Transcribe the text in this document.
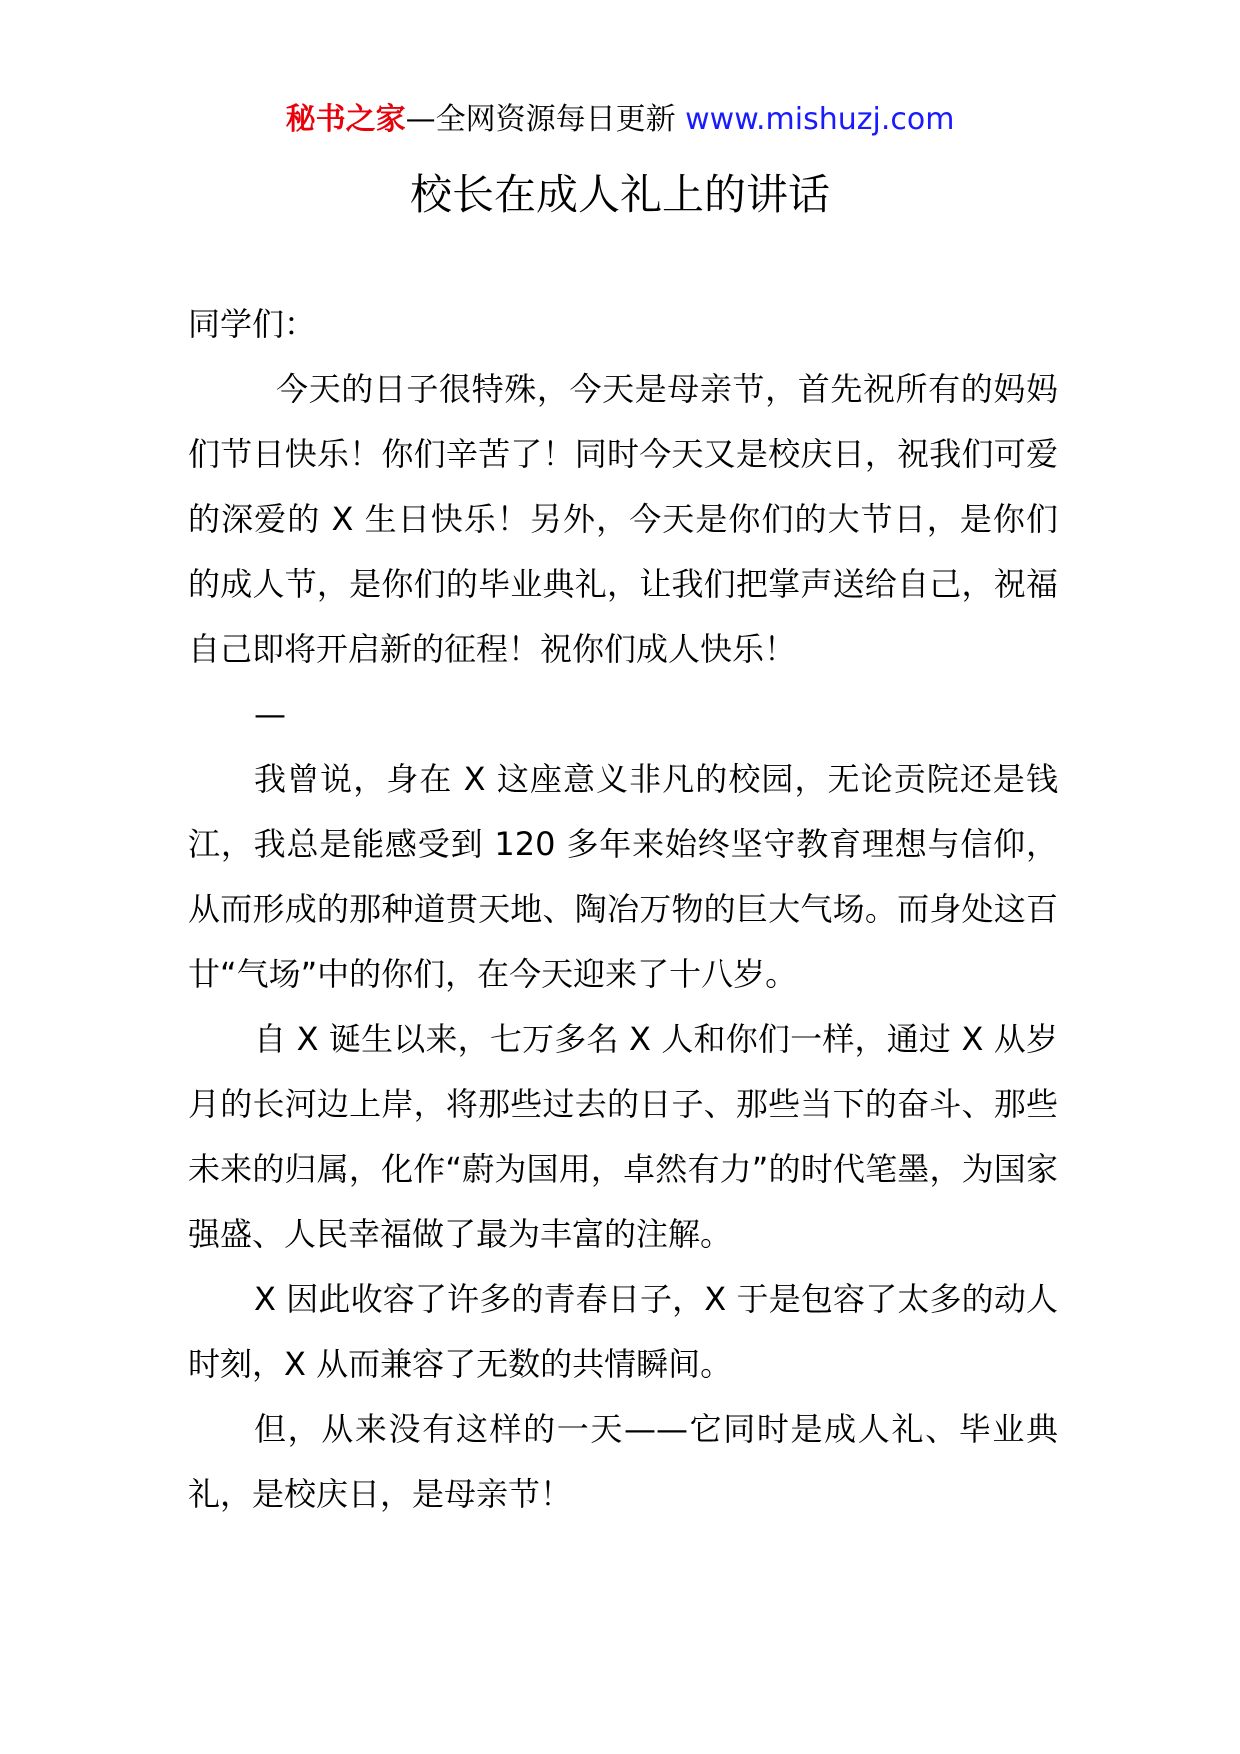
秘书之家—全网资源每日更新 www.mishuzj.com
校长在成人礼上的讲话

同学们：

今天的日子很特殊，今天是母亲节，首先祝所有的妈妈们节日快乐！你们辛苦了！同时今天又是校庆日，祝我们可爱的深爱的 X 生日快乐！另外，今天是你们的大节日，是你们的成人节，是你们的毕业典礼，让我们把掌声送给自己，祝福自己即将开启新的征程！祝你们成人快乐！

—

我曾说，身在 X 这座意义非凡的校园，无论贡院还是钱江，我总是能感受到 120 多年来始终坚守教育理想与信仰，从而形成的那种道贯天地、陶冶万物的巨大气场。而身处这百廿“气场”中的你们，在今天迎来了十八岁。

自 X 诞生以来，七万多名 X 人和你们一样，通过 X 从岁月的长河边上岸，将那些过去的日子、那些当下的奋斗、那些未来的归属，化作“蔚为国用，卓然有力”的时代笔墨，为国家强盛、人民幸福做了最为丰富的注解。

X 因此收容了许多的青春日子，X 于是包容了太多的动人时刻，X 从而兼容了无数的共情瞬间。

但，从来没有这样的一天——它同时是成人礼、毕业典礼，是校庆日，是母亲节！
